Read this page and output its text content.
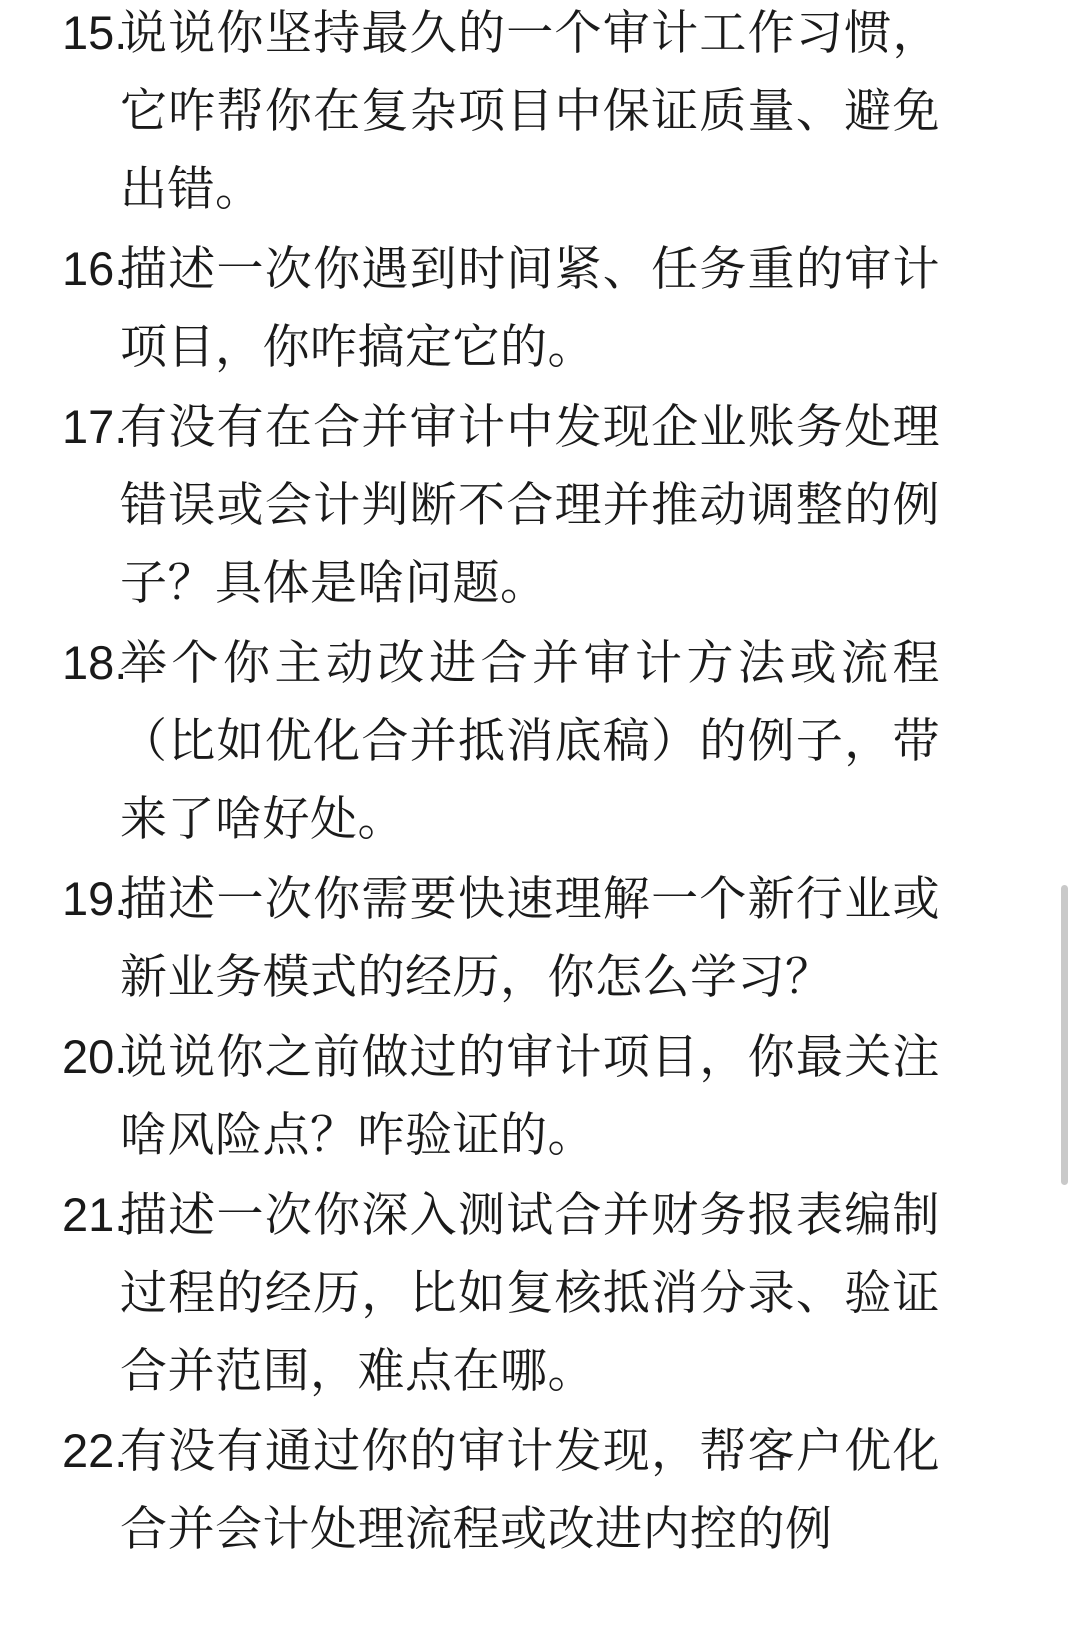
15.
说说你坚持最久的一个审计工作习惯，它咋帮你在复杂项目中保证质量、避免出错。
16.
描述一次你遇到时间紧、任务重的审计项目，你咋搞定它的。
17.
有没有在合并审计中发现企业账务处理错误或会计判断不合理并推动调整的例子？具体是啥问题。
18.
举个你主动改进合并审计方法或流程（比如优化合并抵消底稿）的例子，带来了啥好处。
19.
描述一次你需要快速理解一个新行业或新业务模式的经历，你怎么学习？
20.
说说你之前做过的审计项目，你最关注啥风险点？咋验证的。
21.
描述一次你深入测试合并财务报表编制过程的经历，比如复核抵消分录、验证合并范围，难点在哪。
22.
有没有通过你的审计发现，帮客户优化合并会计处理流程或改进内控的例
